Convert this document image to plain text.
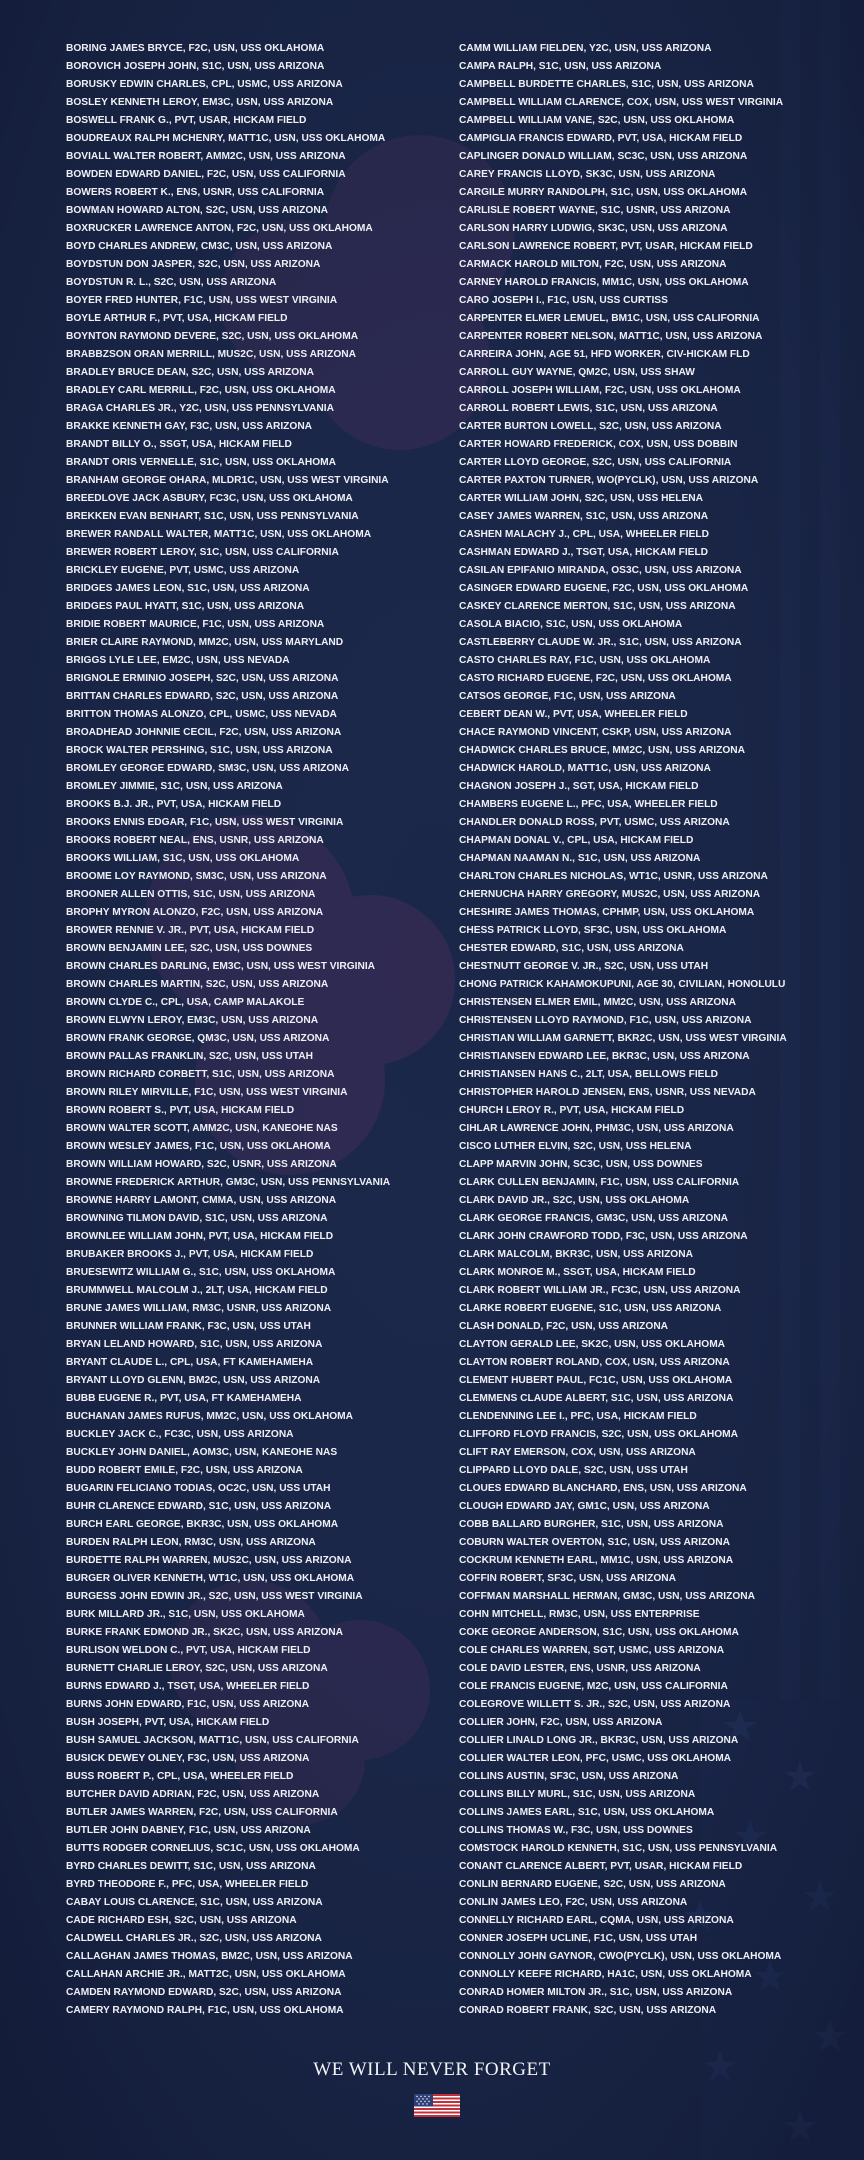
BORING JAMES BRYCE, F2C, USN, USS OKLAHOMA
BOROVICH JOSEPH JOHN, S1C, USN, USS ARIZONA
BORUSKY EDWIN CHARLES, CPL, USMC, USS ARIZONA
BOSLEY KENNETH LEROY, EM3C, USN, USS ARIZONA
BOSWELL FRANK G., PVT, USAR, HICKAM FIELD
BOUDREAUX RALPH MCHENRY, MATT1C, USN, USS OKLAHOMA
BOVIALL WALTER ROBERT, AMM2C, USN, USS ARIZONA
BOWDEN EDWARD DANIEL, F2C, USN, USS CALIFORNIA
BOWERS ROBERT K., ENS, USNR, USS CALIFORNIA
BOWMAN HOWARD ALTON, S2C, USN, USS ARIZONA
BOXRUCKER LAWRENCE ANTON, F2C, USN, USS OKLAHOMA
BOYD CHARLES ANDREW, CM3C, USN, USS ARIZONA
BOYDSTUN DON JASPER, S2C, USN, USS ARIZONA
BOYDSTUN R. L., S2C, USN, USS ARIZONA
BOYER FRED HUNTER, F1C, USN, USS WEST VIRGINIA
BOYLE ARTHUR F., PVT, USA, HICKAM FIELD
BOYNTON RAYMOND DEVERE, S2C, USN, USS OKLAHOMA
BRABBZSON ORAN MERRILL, MUS2C, USN, USS ARIZONA
BRADLEY BRUCE DEAN, S2C, USN, USS ARIZONA
BRADLEY CARL MERRILL, F2C, USN, USS OKLAHOMA
BRAGA CHARLES JR., Y2C, USN, USS PENNSYLVANIA
BRAKKE KENNETH GAY, F3C, USN, USS ARIZONA
BRANDT BILLY O., SSGT, USA, HICKAM FIELD
BRANDT ORIS VERNELLE, S1C, USN, USS OKLAHOMA
BRANHAM GEORGE OHARA, MLDR1C, USN, USS WEST VIRGINIA
BREEDLOVE JACK ASBURY, FC3C, USN, USS OKLAHOMA
BREKKEN EVAN BENHART, S1C, USN, USS PENNSYLVANIA
BREWER RANDALL WALTER, MATT1C, USN, USS OKLAHOMA
BREWER ROBERT LEROY, S1C, USN, USS CALIFORNIA
BRICKLEY EUGENE, PVT, USMC, USS ARIZONA
BRIDGES JAMES LEON, S1C, USN, USS ARIZONA
BRIDGES PAUL HYATT, S1C, USN, USS ARIZONA
BRIDIE ROBERT MAURICE, F1C, USN, USS ARIZONA
BRIER CLAIRE RAYMOND, MM2C, USN, USS MARYLAND
BRIGGS LYLE LEE, EM2C, USN, USS NEVADA
BRIGNOLE ERMINIO JOSEPH, S2C, USN, USS ARIZONA
BRITTAN CHARLES EDWARD, S2C, USN, USS ARIZONA
BRITTON THOMAS ALONZO, CPL, USMC, USS NEVADA
BROADHEAD JOHNNIE CECIL, F2C, USN, USS ARIZONA
BROCK WALTER PERSHING, S1C, USN, USS ARIZONA
BROMLEY GEORGE EDWARD, SM3C, USN, USS ARIZONA
BROMLEY JIMMIE, S1C, USN, USS ARIZONA
BROOKS B.J. JR., PVT, USA, HICKAM FIELD
BROOKS ENNIS EDGAR, F1C, USN, USS WEST VIRGINIA
BROOKS ROBERT NEAL, ENS, USNR, USS ARIZONA
BROOKS WILLIAM, S1C, USN, USS OKLAHOMA
BROOME LOY RAYMOND, SM3C, USN, USS ARIZONA
BROONER ALLEN OTTIS, S1C, USN, USS ARIZONA
BROPHY MYRON ALONZO, F2C, USN, USS ARIZONA
BROWER RENNIE V. JR., PVT, USA, HICKAM FIELD
BROWN BENJAMIN LEE, S2C, USN, USS DOWNES
BROWN CHARLES DARLING, EM3C, USN, USS WEST VIRGINIA
BROWN CHARLES MARTIN, S2C, USN, USS ARIZONA
BROWN CLYDE C., CPL, USA, CAMP MALAKOLE
BROWN ELWYN LEROY, EM3C, USN, USS ARIZONA
BROWN FRANK GEORGE, QM3C, USN, USS ARIZONA
BROWN PALLAS FRANKLIN, S2C, USN, USS UTAH
BROWN RICHARD CORBETT, S1C, USN, USS ARIZONA
BROWN RILEY MIRVILLE, F1C, USN, USS WEST VIRGINIA
BROWN ROBERT S., PVT, USA, HICKAM FIELD
BROWN WALTER SCOTT, AMM2C, USN, KANEOHE NAS
BROWN WESLEY JAMES, F1C, USN, USS OKLAHOMA
BROWN WILLIAM HOWARD, S2C, USNR, USS ARIZONA
BROWNE FREDERICK ARTHUR, GM3C, USN, USS PENNSYLVANIA
BROWNE HARRY LAMONT, CMMA, USN, USS ARIZONA
BROWNING TILMON DAVID, S1C, USN, USS ARIZONA
BROWNLEE WILLIAM JOHN, PVT, USA, HICKAM FIELD
BRUBAKER BROOKS J., PVT, USA, HICKAM FIELD
BRUESEWITZ WILLIAM G., S1C, USN, USS OKLAHOMA
BRUMMWELL MALCOLM J., 2LT, USA, HICKAM FIELD
BRUNE JAMES WILLIAM, RM3C, USNR, USS ARIZONA
BRUNNER WILLIAM FRANK, F3C, USN, USS UTAH
BRYAN LELAND HOWARD, S1C, USN, USS ARIZONA
BRYANT CLAUDE L., CPL, USA, FT KAMEHAMEHA
BRYANT LLOYD GLENN, BM2C, USN, USS ARIZONA
BUBB EUGENE R., PVT, USA, FT KAMEHAMEHA
BUCHANAN JAMES RUFUS, MM2C, USN, USS OKLAHOMA
BUCKLEY JACK C., FC3C, USN, USS ARIZONA
BUCKLEY JOHN DANIEL, AOM3C, USN, KANEOHE NAS
BUDD ROBERT EMILE, F2C, USN, USS ARIZONA
BUGARIN FELICIANO TODIAS, OC2C, USN, USS UTAH
BUHR CLARENCE EDWARD, S1C, USN, USS ARIZONA
BURCH EARL GEORGE, BKR3C, USN, USS OKLAHOMA
BURDEN RALPH LEON, RM3C, USN, USS ARIZONA
BURDETTE RALPH WARREN, MUS2C, USN, USS ARIZONA
BURGER OLIVER KENNETH, WT1C, USN, USS OKLAHOMA
BURGESS JOHN EDWIN JR., S2C, USN, USS WEST VIRGINIA
BURK MILLARD JR., S1C, USN, USS OKLAHOMA
BURKE FRANK EDMOND JR., SK2C, USN, USS ARIZONA
BURLISON WELDON C., PVT, USA, HICKAM FIELD
BURNETT CHARLIE LEROY, S2C, USN, USS ARIZONA
BURNS EDWARD J., TSGT, USA, WHEELER FIELD
BURNS JOHN EDWARD, F1C, USN, USS ARIZONA
BUSH JOSEPH, PVT, USA, HICKAM FIELD
BUSH SAMUEL JACKSON, MATT1C, USN, USS CALIFORNIA
BUSICK DEWEY OLNEY, F3C, USN, USS ARIZONA
BUSS ROBERT P., CPL, USA, WHEELER FIELD
BUTCHER DAVID ADRIAN, F2C, USN, USS ARIZONA
BUTLER JAMES WARREN, F2C, USN, USS CALIFORNIA
BUTLER JOHN DABNEY, F1C, USN, USS ARIZONA
BUTTS RODGER CORNELIUS, SC1C, USN, USS OKLAHOMA
BYRD CHARLES DEWITT, S1C, USN, USS ARIZONA
BYRD THEODORE F., PFC, USA, WHEELER FIELD
CABAY LOUIS CLARENCE, S1C, USN, USS ARIZONA
CADE RICHARD ESH, S2C, USN, USS ARIZONA
CALDWELL CHARLES JR., S2C, USN, USS ARIZONA
CALLAGHAN JAMES THOMAS, BM2C, USN, USS ARIZONA
CALLAHAN ARCHIE JR., MATT2C, USN, USS OKLAHOMA
CAMDEN RAYMOND EDWARD, S2C, USN, USS ARIZONA
CAMERY RAYMOND RALPH, F1C, USN, USS OKLAHOMA
CAMM WILLIAM FIELDEN, Y2C, USN, USS ARIZONA
CAMPA RALPH, S1C, USN, USS ARIZONA
CAMPBELL BURDETTE CHARLES, S1C, USN, USS ARIZONA
CAMPBELL WILLIAM CLARENCE, COX, USN, USS WEST VIRGINIA
CAMPBELL WILLIAM VANE, S2C, USN, USS OKLAHOMA
CAMPIGLIA FRANCIS EDWARD, PVT, USA, HICKAM FIELD
CAPLINGER DONALD WILLIAM, SC3C, USN, USS ARIZONA
CAREY FRANCIS LLOYD, SK3C, USN, USS ARIZONA
CARGILE MURRY RANDOLPH, S1C, USN, USS OKLAHOMA
CARLISLE ROBERT WAYNE, S1C, USNR, USS ARIZONA
CARLSON HARRY LUDWIG, SK3C, USN, USS ARIZONA
CARLSON LAWRENCE ROBERT, PVT, USAR, HICKAM FIELD
CARMACK HAROLD MILTON, F2C, USN, USS ARIZONA
CARNEY HAROLD FRANCIS, MM1C, USN, USS OKLAHOMA
CARO JOSEPH I., F1C, USN, USS CURTISS
CARPENTER ELMER LEMUEL, BM1C, USN, USS CALIFORNIA
CARPENTER ROBERT NELSON, MATT1C, USN, USS ARIZONA
CARREIRA JOHN, AGE 51, HFD WORKER, CIV-HICKAM FLD
CARROLL GUY WAYNE, QM2C, USN, USS SHAW
CARROLL JOSEPH WILLIAM, F2C, USN, USS OKLAHOMA
CARROLL ROBERT LEWIS, S1C, USN, USS ARIZONA
CARTER BURTON LOWELL, S2C, USN, USS ARIZONA
CARTER HOWARD FREDERICK, COX, USN, USS DOBBIN
CARTER LLOYD GEORGE, S2C, USN, USS CALIFORNIA
CARTER PAXTON TURNER, WO(PYCLK), USN, USS ARIZONA
CARTER WILLIAM JOHN, S2C, USN, USS HELENA
CASEY JAMES WARREN, S1C, USN, USS ARIZONA
CASHEN MALACHY J., CPL, USA, WHEELER FIELD
CASHMAN EDWARD J., TSGT, USA, HICKAM FIELD
CASILAN EPIFANIO MIRANDA, OS3C, USN, USS ARIZONA
CASINGER EDWARD EUGENE, F2C, USN, USS OKLAHOMA
CASKEY CLARENCE MERTON, S1C, USN, USS ARIZONA
CASOLA BIACIO, S1C, USN, USS OKLAHOMA
CASTLEBERRY CLAUDE W. JR., S1C, USN, USS ARIZONA
CASTO CHARLES RAY, F1C, USN, USS OKLAHOMA
CASTO RICHARD EUGENE, F2C, USN, USS OKLAHOMA
CATSOS GEORGE, F1C, USN, USS ARIZONA
CEBERT DEAN W., PVT, USA, WHEELER FIELD
CHACE RAYMOND VINCENT, CSKP, USN, USS ARIZONA
CHADWICK CHARLES BRUCE, MM2C, USN, USS ARIZONA
CHADWICK HAROLD, MATT1C, USN, USS ARIZONA
CHAGNON JOSEPH J., SGT, USA, HICKAM FIELD
CHAMBERS EUGENE L., PFC, USA, WHEELER FIELD
CHANDLER DONALD ROSS, PVT, USMC, USS ARIZONA
CHAPMAN DONAL V., CPL, USA, HICKAM FIELD
CHAPMAN NAAMAN N., S1C, USN, USS ARIZONA
CHARLTON CHARLES NICHOLAS, WT1C, USNR, USS ARIZONA
CHERNUCHA HARRY GREGORY, MUS2C, USN, USS ARIZONA
CHESHIRE JAMES THOMAS, CPHMP, USN, USS OKLAHOMA
CHESS PATRICK LLOYD, SF3C, USN, USS OKLAHOMA
CHESTER EDWARD, S1C, USN, USS ARIZONA
CHESTNUTT GEORGE V. JR., S2C, USN, USS UTAH
CHONG PATRICK KAHAMOKUPUNI, AGE 30, CIVILIAN, HONOLULU
CHRISTENSEN ELMER EMIL, MM2C, USN, USS ARIZONA
CHRISTENSEN LLOYD RAYMOND, F1C, USN, USS ARIZONA
CHRISTIAN WILLIAM GARNETT, BKR2C, USN, USS WEST VIRGINIA
CHRISTIANSEN EDWARD LEE, BKR3C, USN, USS ARIZONA
CHRISTIANSEN HANS C., 2LT, USA, BELLOWS FIELD
CHRISTOPHER HAROLD JENSEN, ENS, USNR, USS NEVADA
CHURCH LEROY R., PVT, USA, HICKAM FIELD
CIHLAR LAWRENCE JOHN, PHM3C, USN, USS ARIZONA
CISCO LUTHER ELVIN, S2C, USN, USS HELENA
CLAPP MARVIN JOHN, SC3C, USN, USS DOWNES
CLARK CULLEN BENJAMIN, F1C, USN, USS CALIFORNIA
CLARK DAVID JR., S2C, USN, USS OKLAHOMA
CLARK GEORGE FRANCIS, GM3C, USN, USS ARIZONA
CLARK JOHN CRAWFORD TODD, F3C, USN, USS ARIZONA
CLARK MALCOLM, BKR3C, USN, USS ARIZONA
CLARK MONROE M., SSGT, USA, HICKAM FIELD
CLARK ROBERT WILLIAM JR., FC3C, USN, USS ARIZONA
CLARKE ROBERT EUGENE, S1C, USN, USS ARIZONA
CLASH DONALD, F2C, USN, USS ARIZONA
CLAYTON GERALD LEE, SK2C, USN, USS OKLAHOMA
CLAYTON ROBERT ROLAND, COX, USN, USS ARIZONA
CLEMENT HUBERT PAUL, FC1C, USN, USS OKLAHOMA
CLEMMENS CLAUDE ALBERT, S1C, USN, USS ARIZONA
CLENDENNING LEE I., PFC, USA, HICKAM FIELD
CLIFFORD FLOYD FRANCIS, S2C, USN, USS OKLAHOMA
CLIFT RAY EMERSON, COX, USN, USS ARIZONA
CLIPPARD LLOYD DALE, S2C, USN, USS UTAH
CLOUES EDWARD BLANCHARD, ENS, USN, USS ARIZONA
CLOUGH EDWARD JAY, GM1C, USN, USS ARIZONA
COBB BALLARD BURGHER, S1C, USN, USS ARIZONA
COBURN WALTER OVERTON, S1C, USN, USS ARIZONA
COCKRUM KENNETH EARL, MM1C, USN, USS ARIZONA
COFFIN ROBERT, SF3C, USN, USS ARIZONA
COFFMAN MARSHALL HERMAN, GM3C, USN, USS ARIZONA
COHN MITCHELL, RM3C, USN, USS ENTERPRISE
COKE GEORGE ANDERSON, S1C, USN, USS OKLAHOMA
COLE CHARLES WARREN, SGT, USMC, USS ARIZONA
COLE DAVID LESTER, ENS, USNR, USS ARIZONA
COLE FRANCIS EUGENE, M2C, USN, USS CALIFORNIA
COLEGROVE WILLETT S. JR., S2C, USN, USS ARIZONA
COLLIER JOHN, F2C, USN, USS ARIZONA
COLLIER LINALD LONG JR., BKR3C, USN, USS ARIZONA
COLLIER WALTER LEON, PFC, USMC, USS OKLAHOMA
COLLINS AUSTIN, SF3C, USN, USS ARIZONA
COLLINS BILLY MURL, S1C, USN, USS ARIZONA
COLLINS JAMES EARL, S1C, USN, USS OKLAHOMA
COLLINS THOMAS W., F3C, USN, USS DOWNES
COMSTOCK HAROLD KENNETH, S1C, USN, USS PENNSYLVANIA
CONANT CLARENCE ALBERT, PVT, USAR, HICKAM FIELD
CONLIN BERNARD EUGENE, S2C, USN, USS ARIZONA
CONLIN JAMES LEO, F2C, USN, USS ARIZONA
CONNELLY RICHARD EARL, CQMA, USN, USS ARIZONA
CONNER JOSEPH UCLINE, F1C, USN, USS UTAH
CONNOLLY JOHN GAYNOR, CWO(PYCLK), USN, USS OKLAHOMA
CONNOLLY KEEFE RICHARD, HA1C, USN, USS OKLAHOMA
CONRAD HOMER MILTON JR., S1C, USN, USS ARIZONA
CONRAD ROBERT FRANK, S2C, USN, USS ARIZONA
WE WILL NEVER FORGET
